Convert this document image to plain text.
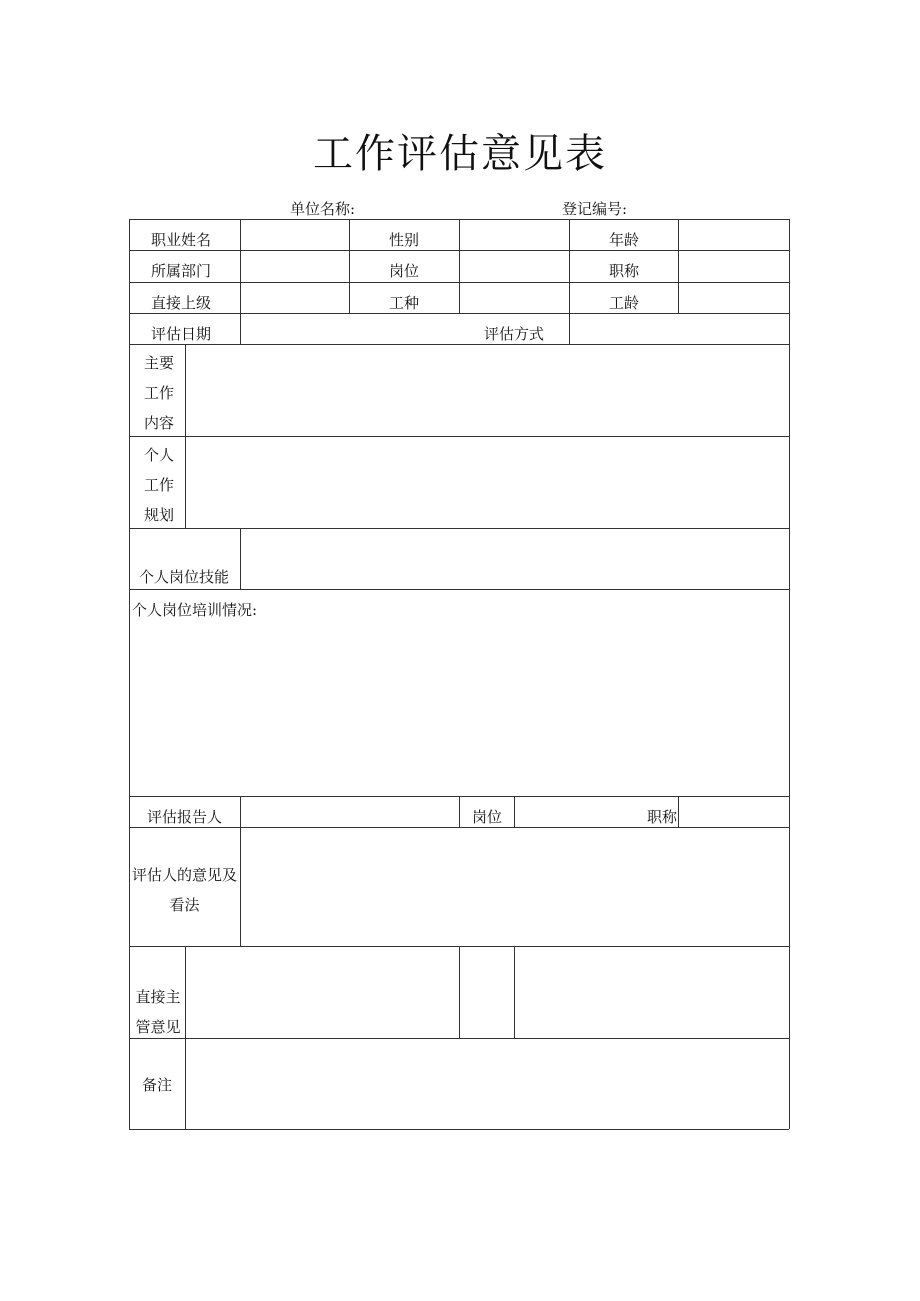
工作评估意见表
单位名称:	登记编号:
职业姓名	性别	年龄
所属部门	岗位	职称
直接上级	工种	工龄
评估日期	评估方式
主要
工作
内容
个人
工作
规划
个人岗位技能
个人岗位培训情况:
评估报告人	岗位	职称
评估人的意见及
看法
直接主
管意见
备注
